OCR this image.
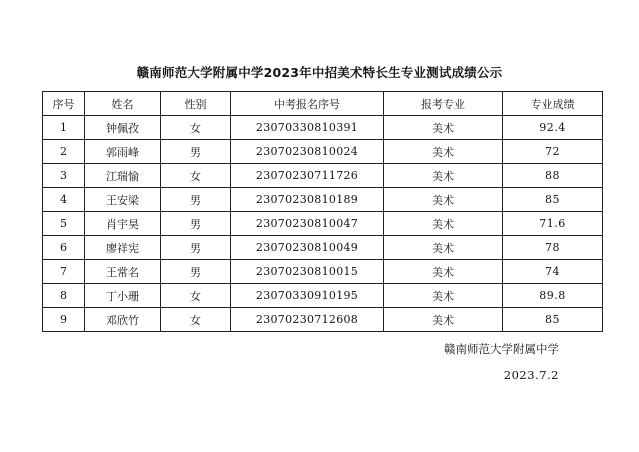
赣南师范大学附属中学2023年中招美术特长生专业测试成绩公示
序号	姓名	性别	中考报名序号	报考专业	专业成绩
1	钟佩孜	女	23070330810391	美术	92.4
2	郭雨峰	男	23070230810024	美术	72
3	江瑞愉	女	23070230711726	美术	88
4	王安梁	男	23070230810189	美术	85
5	肖宇昊	男	23070230810047	美术	71.6
6	廖祥宪	男	23070230810049	美术	78
7	王常名	男	23070230810015	美术	74
8	丁小珊	女	23070330910195	美术	89.8
9	邓欣竹	女	23070230712608	美术	85
赣南师范大学附属中学
2023.7.2
